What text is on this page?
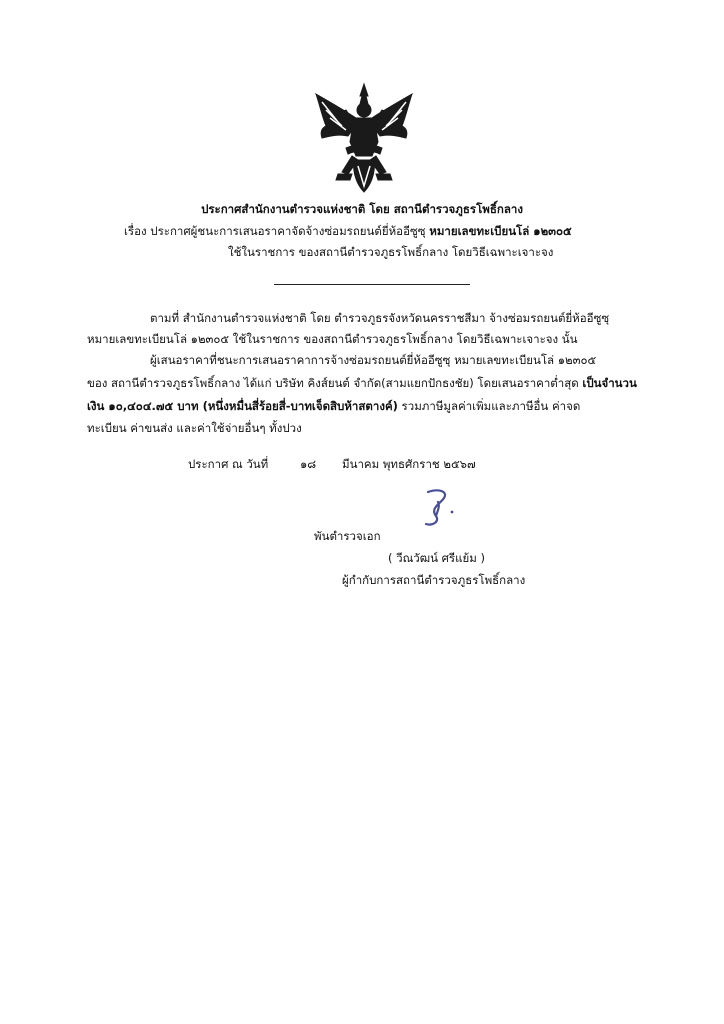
ประกาศสำนักงานตำรวจแห่งชาติ โดย สถานีตำรวจภูธรโพธิ์กลาง
เรื่อง ประกาศผู้ชนะการเสนอราคาจัดจ้างซ่อมรถยนต์ยี่ห้ออีซูซุ หมายเลขทะเบียนโล่ ๑๒๓๐๕
ใช้ในราชการ ของสถานีตำรวจภูธรโพธิ์กลาง โดยวิธีเฉพาะเจาะจง
ตามที่ สำนักงานตำรวจแห่งชาติ โดย ตำรวจภูธรจังหวัดนครราชสีมา จ้างซ่อมรถยนต์ยี่ห้ออีซูซุ
หมายเลขทะเบียนโล่ ๑๒๓๐๕ ใช้ในราชการ ของสถานีตำรวจภูธรโพธิ์กลาง โดยวิธีเฉพาะเจาะจง นั้น
ผู้เสนอราคาที่ชนะการเสนอราคาการจ้างซ่อมรถยนต์ยี่ห้ออีซูซุ หมายเลขทะเบียนโล่ ๑๒๓๐๕
ของ สถานีตำรวจภูธรโพธิ์กลาง ได้แก่ บริษัท คิงส์ยนต์ จำกัด(สามแยกปักธงชัย) โดยเสนอราคาต่ำสุด เป็นจำนวน
เงิน ๑๐,๔๐๔.๗๕ บาท (หนึ่งหมื่นสี่ร้อยสี่-บาทเจ็ดสิบห้าสตางค์) รวมภาษีมูลค่าเพิ่มและภาษีอื่น ค่าจด
ทะเบียน ค่าขนส่ง และค่าใช้จ่ายอื่นๆ ทั้งปวง
ประกาศ ณ วันที่	๑๘ มีนาคม พุทธศักราช ๒๕๖๗
พันตำรวจเอก
( วีณวัฒน์ ศรีแย้ม )
ผู้กำกับการสถานีตำรวจภูธรโพธิ์กลาง
